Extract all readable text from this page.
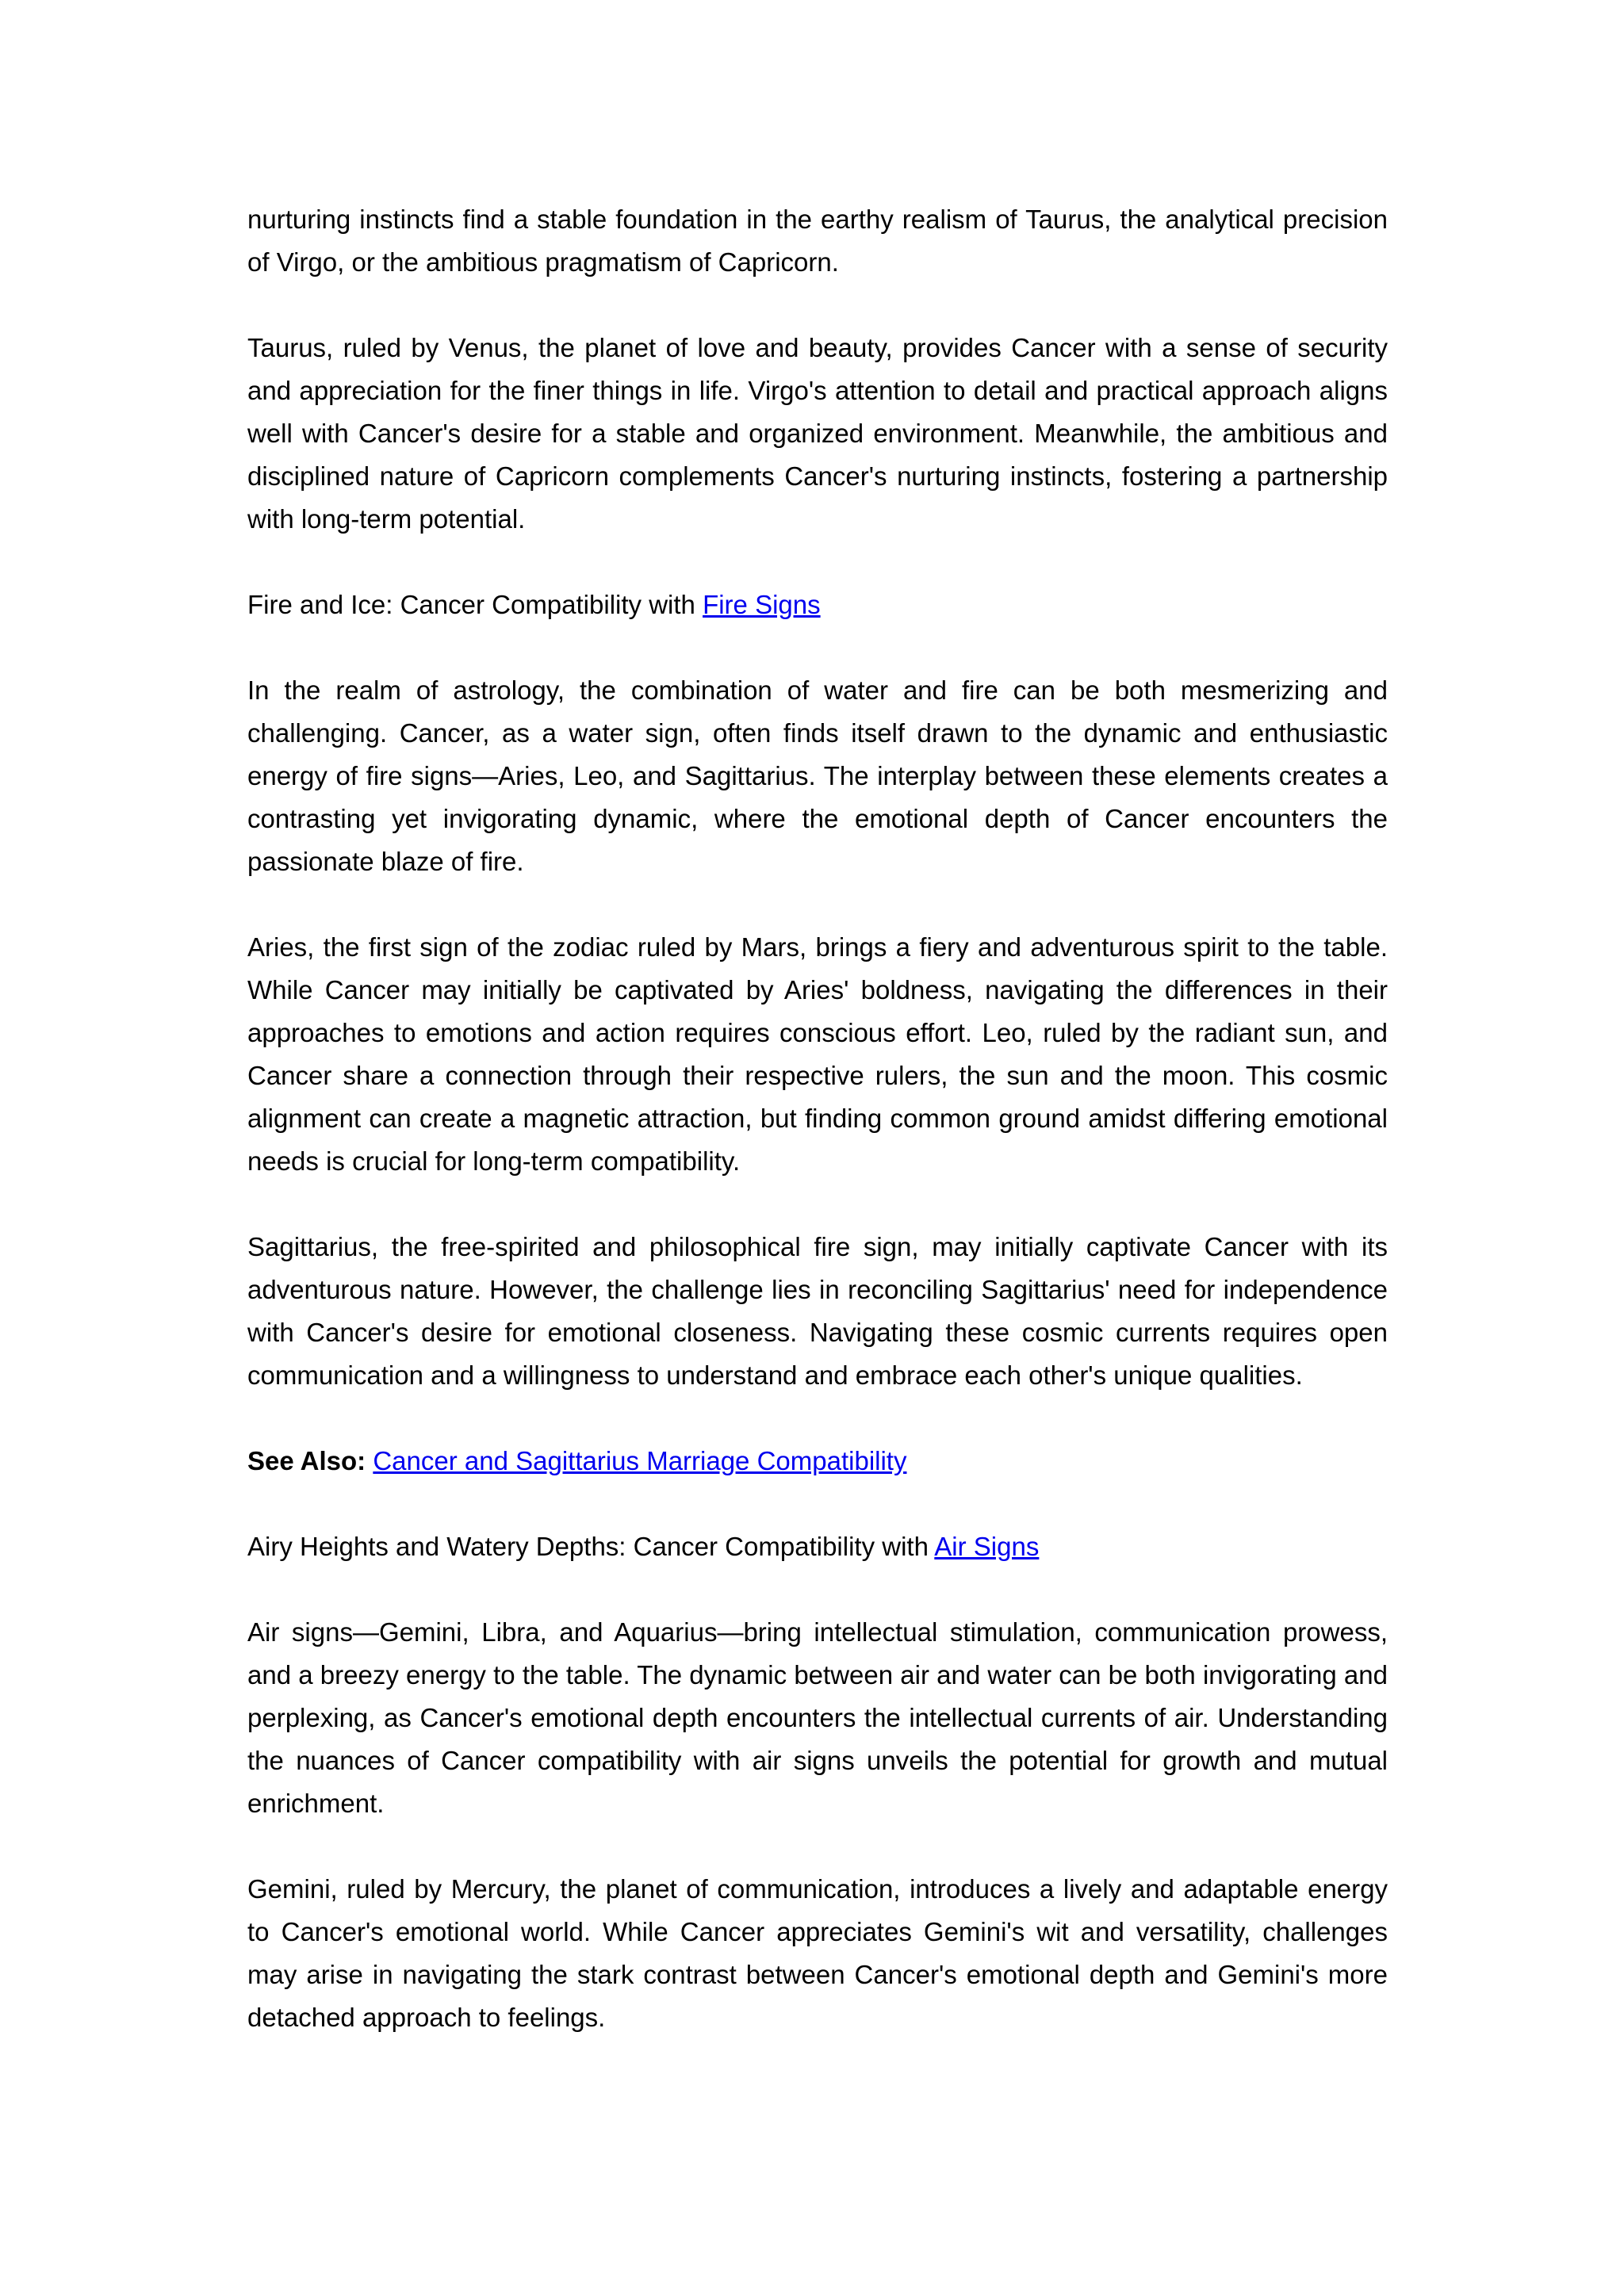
nurturing instincts find a stable foundation in the earthy realism of Taurus, the analytical precision of Virgo, or the ambitious pragmatism of Capricorn.

Taurus, ruled by Venus, the planet of love and beauty, provides Cancer with a sense of security and appreciation for the finer things in life. Virgo's attention to detail and practical approach aligns well with Cancer's desire for a stable and organized environment. Meanwhile, the ambitious and disciplined nature of Capricorn complements Cancer's nurturing instincts, fostering a partnership with long-term potential.

Fire and Ice: Cancer Compatibility with Fire Signs

In the realm of astrology, the combination of water and fire can be both mesmerizing and challenging. Cancer, as a water sign, often finds itself drawn to the dynamic and enthusiastic energy of fire signs—Aries, Leo, and Sagittarius. The interplay between these elements creates a contrasting yet invigorating dynamic, where the emotional depth of Cancer encounters the passionate blaze of fire.

Aries, the first sign of the zodiac ruled by Mars, brings a fiery and adventurous spirit to the table. While Cancer may initially be captivated by Aries' boldness, navigating the differences in their approaches to emotions and action requires conscious effort. Leo, ruled by the radiant sun, and Cancer share a connection through their respective rulers, the sun and the moon. This cosmic alignment can create a magnetic attraction, but finding common ground amidst differing emotional needs is crucial for long-term compatibility.

Sagittarius, the free-spirited and philosophical fire sign, may initially captivate Cancer with its adventurous nature. However, the challenge lies in reconciling Sagittarius' need for independence with Cancer's desire for emotional closeness. Navigating these cosmic currents requires open communication and a willingness to understand and embrace each other's unique qualities.

See Also: Cancer and Sagittarius Marriage Compatibility

Airy Heights and Watery Depths: Cancer Compatibility with Air Signs

Air signs—Gemini, Libra, and Aquarius—bring intellectual stimulation, communication prowess, and a breezy energy to the table. The dynamic between air and water can be both invigorating and perplexing, as Cancer's emotional depth encounters the intellectual currents of air. Understanding the nuances of Cancer compatibility with air signs unveils the potential for growth and mutual enrichment.

Gemini, ruled by Mercury, the planet of communication, introduces a lively and adaptable energy to Cancer's emotional world. While Cancer appreciates Gemini's wit and versatility, challenges may arise in navigating the stark contrast between Cancer's emotional depth and Gemini's more detached approach to feelings.
